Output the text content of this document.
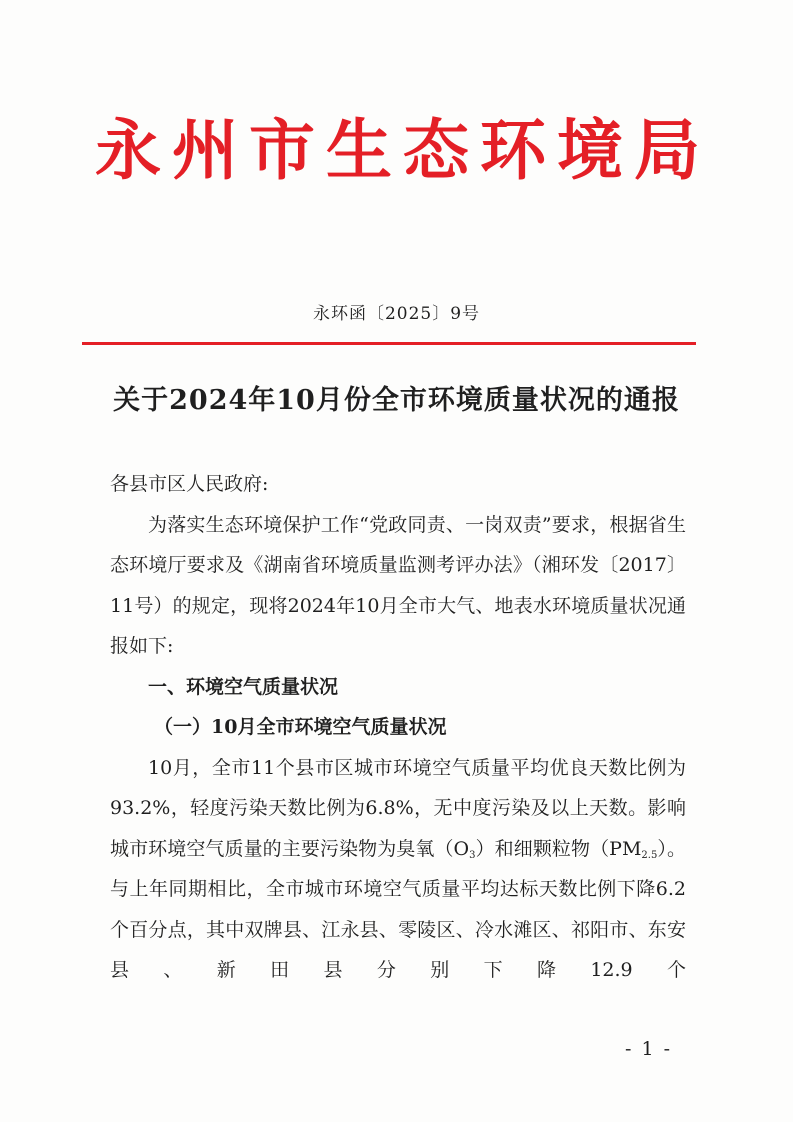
永州市生态环境局
永环函〔2025〕9号
关于2024年10月份全市环境质量状况的通报

各县市区人民政府:

为落实生态环境保护工作“党政同责、一岗双责”要求，根据省生态环境厅要求及《湖南省环境质量监测考评办法》（湘环发〔2017〕11号）的规定，现将2024年10月全市大气、地表水环境质量状况通报如下:

一、环境空气质量状况

（一）10月全市环境空气质量状况

10月，全市11个县市区城市环境空气质量平均优良天数比例为93.2%，轻度污染天数比例为6.8%，无中度污染及以上天数。影响城市环境空气质量的主要污染物为臭氧$(O_3)$和细颗粒物$(PM_{2.5})$。与上年同期相比，全市城市环境空气质量平均达标天数比例下降6.2个百分点，其中双牌县、江永县、零陵区、冷水滩区、祁阳市、东安县、新田县分别下降12.9个

- 1 -
